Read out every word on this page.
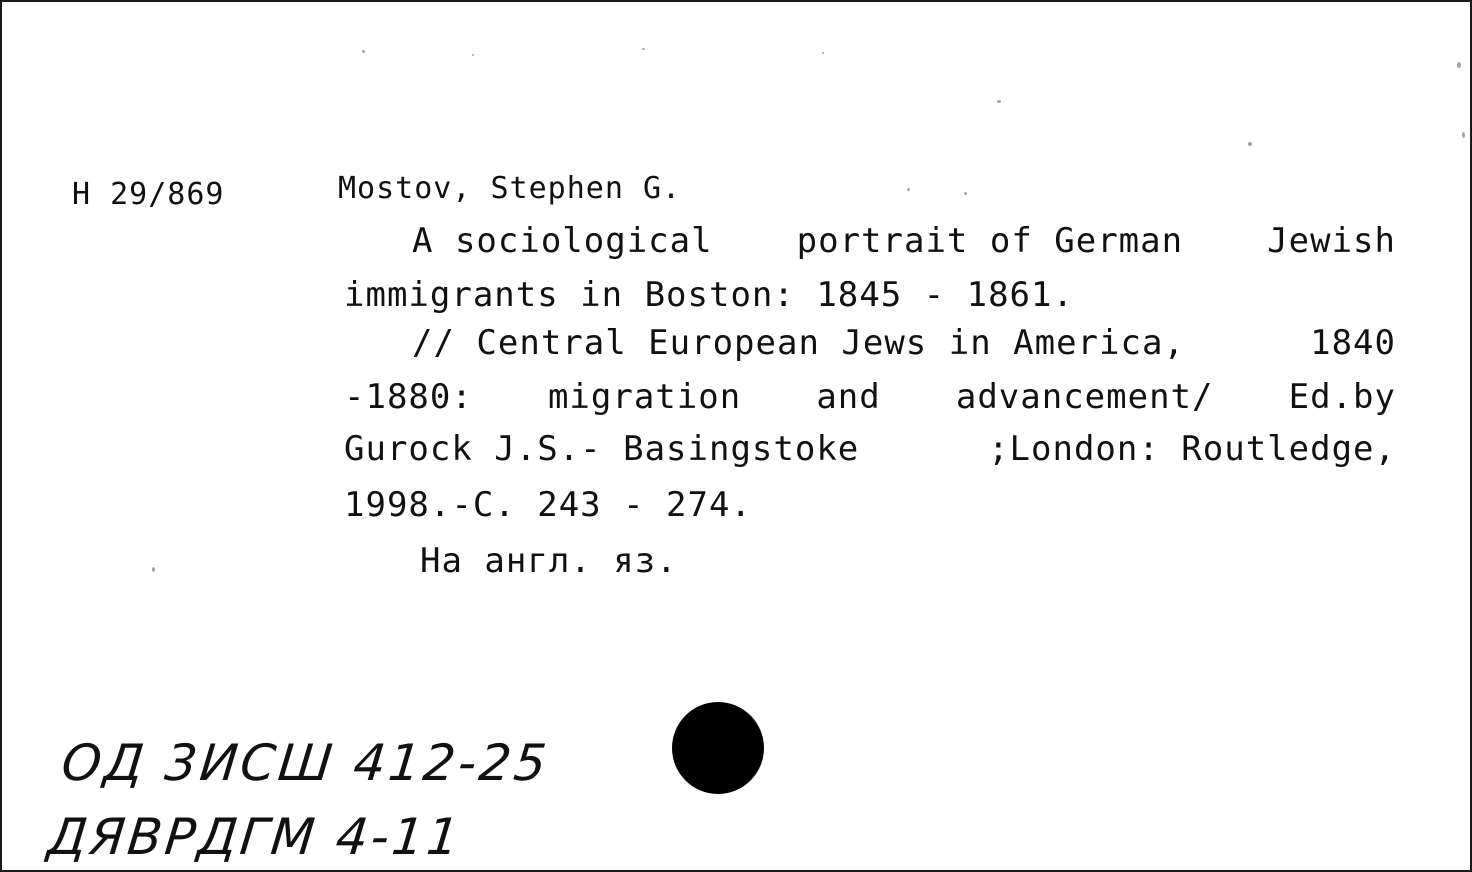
H 29/869	Mostov, Stephen G.
A sociological portrait of German Jewish
immigrants in Boston: 1845 - 1861.
// Central European Jews in America,	1840
-1880: migration and advancement/ Ed.by
Gurock J.S.- Basingstoke	;London: Routledge,
1998.-C. 243 - 274.
На англ. яз.
ОД 3ИСШ 412-25
ДЯВРДГМ 4-11
